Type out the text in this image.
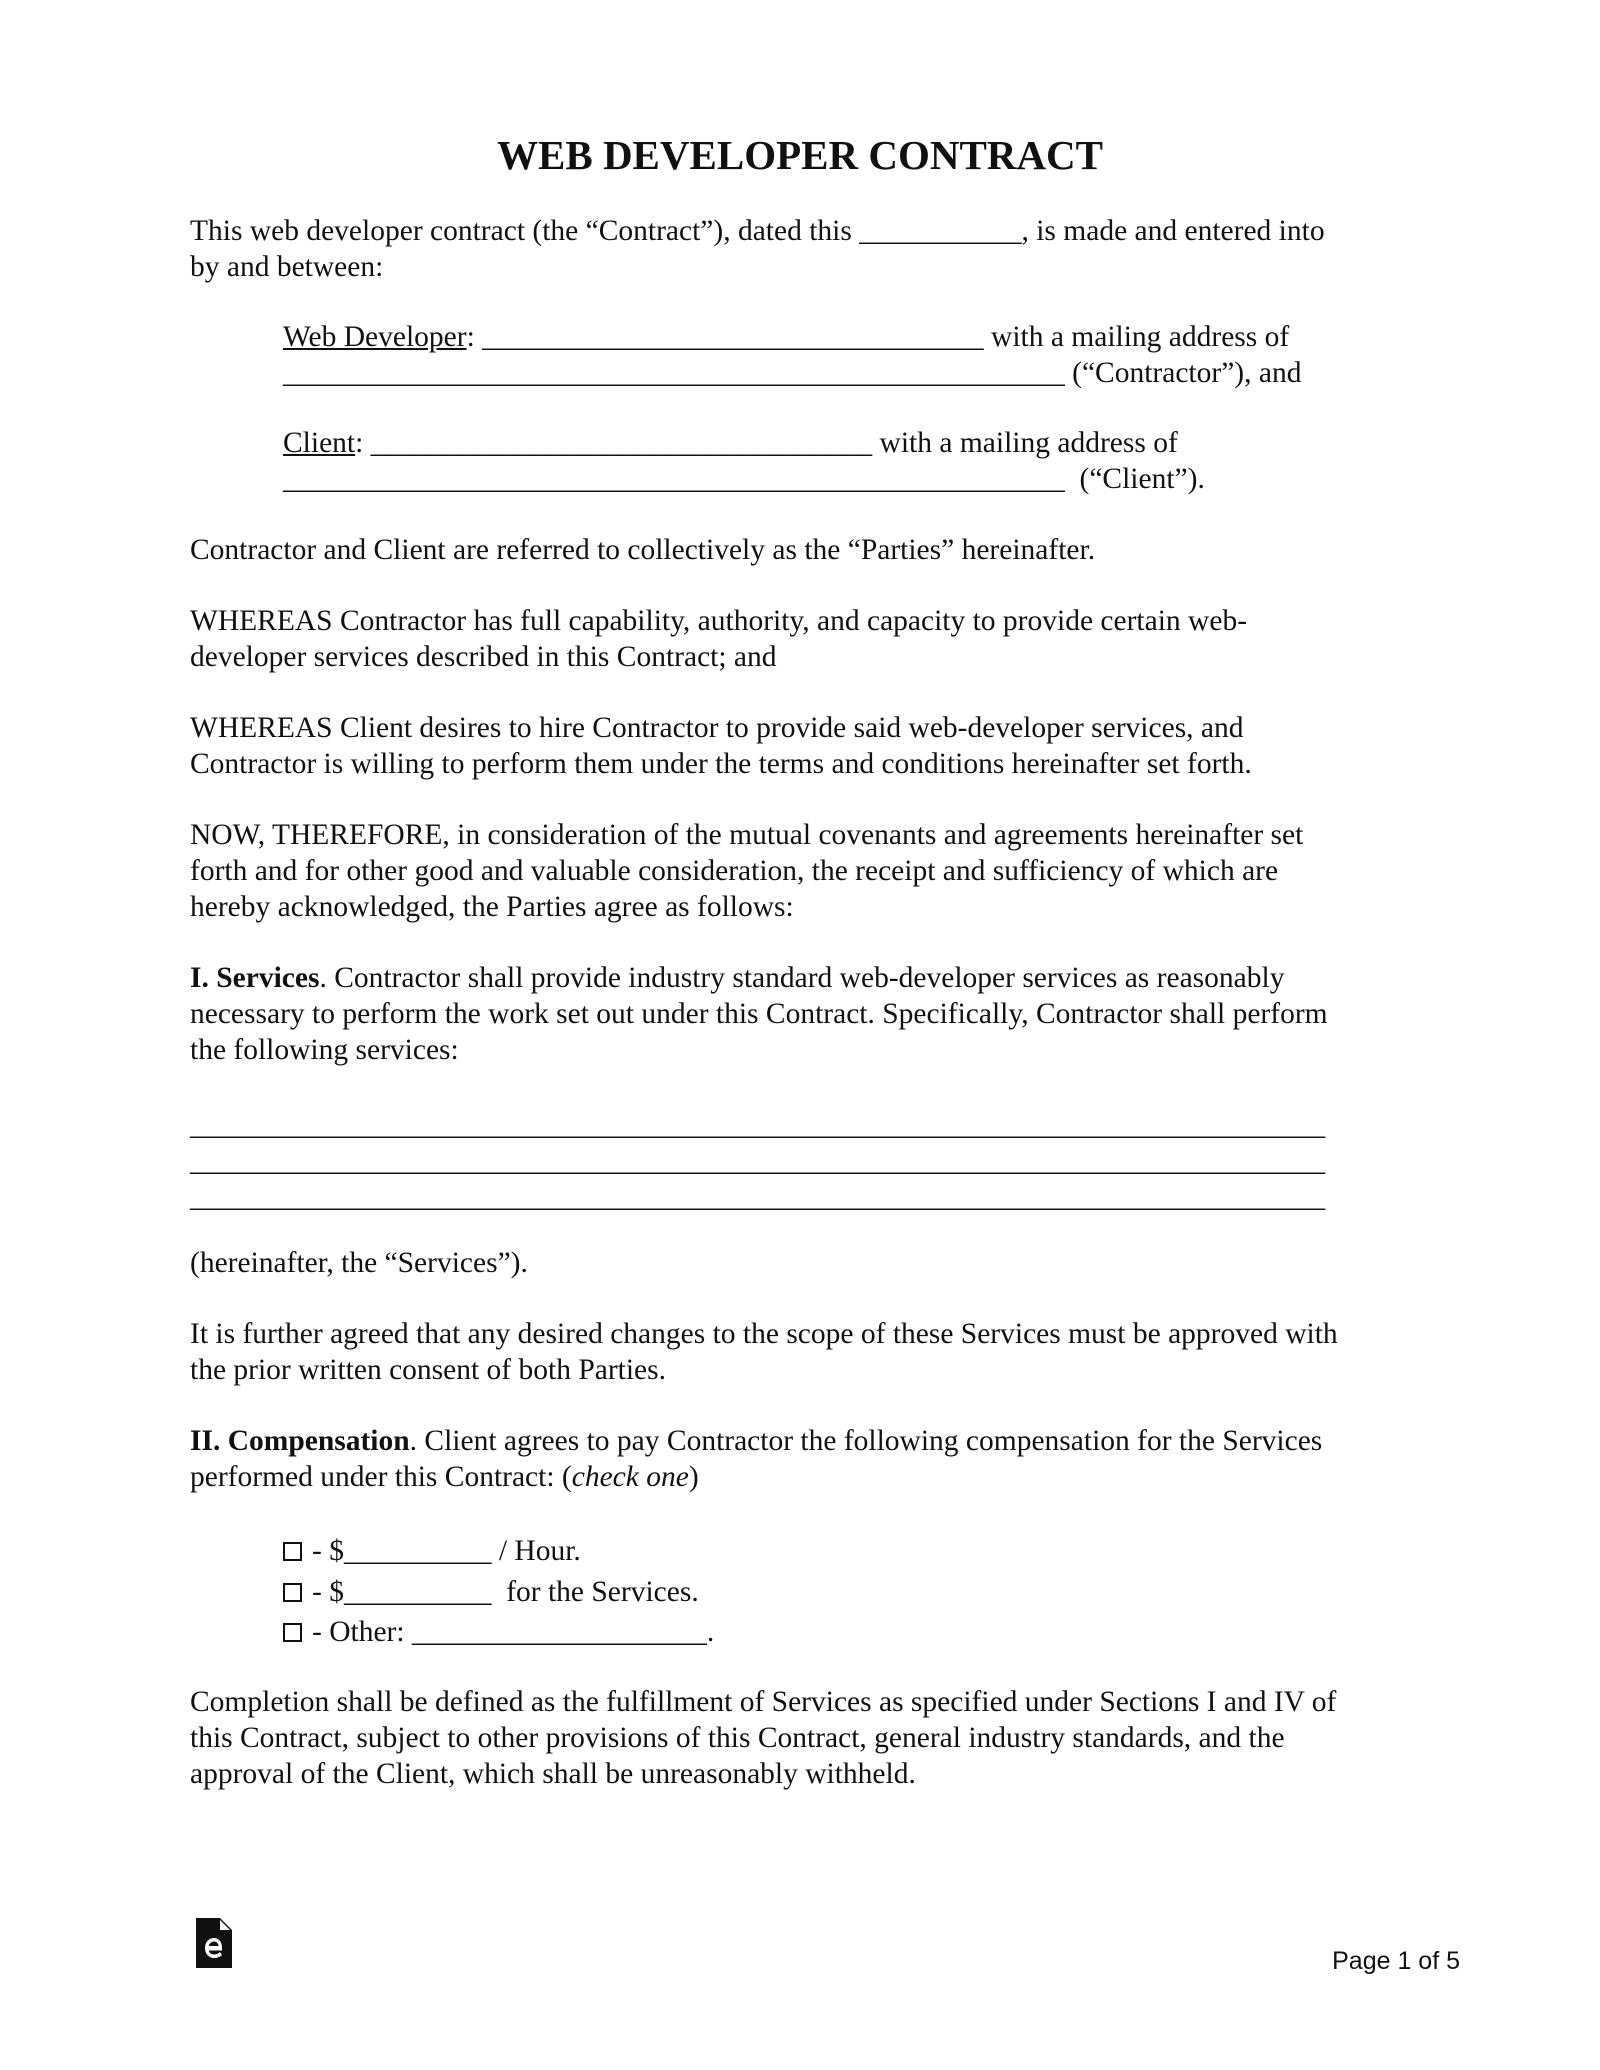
WEB DEVELOPER CONTRACT

This web developer contract (the “Contract”), dated this ___________, is made and entered into

by and between:

Web Developer: __________________________________ with a mailing address of

_____________________________________________________ (“Contractor”), and

Client: __________________________________ with a mailing address of

_____________________________________________________  (“Client”).

Contractor and Client are referred to collectively as the “Parties” hereinafter.

WHEREAS Contractor has full capability, authority, and capacity to provide certain web-

developer services described in this Contract; and

WHEREAS Client desires to hire Contractor to provide said web-developer services, and

Contractor is willing to perform them under the terms and conditions hereinafter set forth.

NOW, THEREFORE, in consideration of the mutual covenants and agreements hereinafter set

forth and for other good and valuable consideration, the receipt and sufficiency of which are

hereby acknowledged, the Parties agree as follows:

I. Services. Contractor shall provide industry standard web-developer services as reasonably

necessary to perform the work set out under this Contract. Specifically, Contractor shall perform

the following services:

______________________________________________________________________________

______________________________________________________________________________

______________________________________________________________________________

(hereinafter, the “Services”).

It is further agreed that any desired changes to the scope of these Services must be approved with

the prior written consent of both Parties.

II. Compensation. Client agrees to pay Contractor the following compensation for the Services

performed under this Contract: (check one)

- $__________ / Hour.

- $__________  for the Services.

- Other: ____________________.

Completion shall be defined as the fulfillment of Services as specified under Sections I and IV of

this Contract, subject to other provisions of this Contract, general industry standards, and the

approval of the Client, which shall be unreasonably withheld.

Page 1 of 5
